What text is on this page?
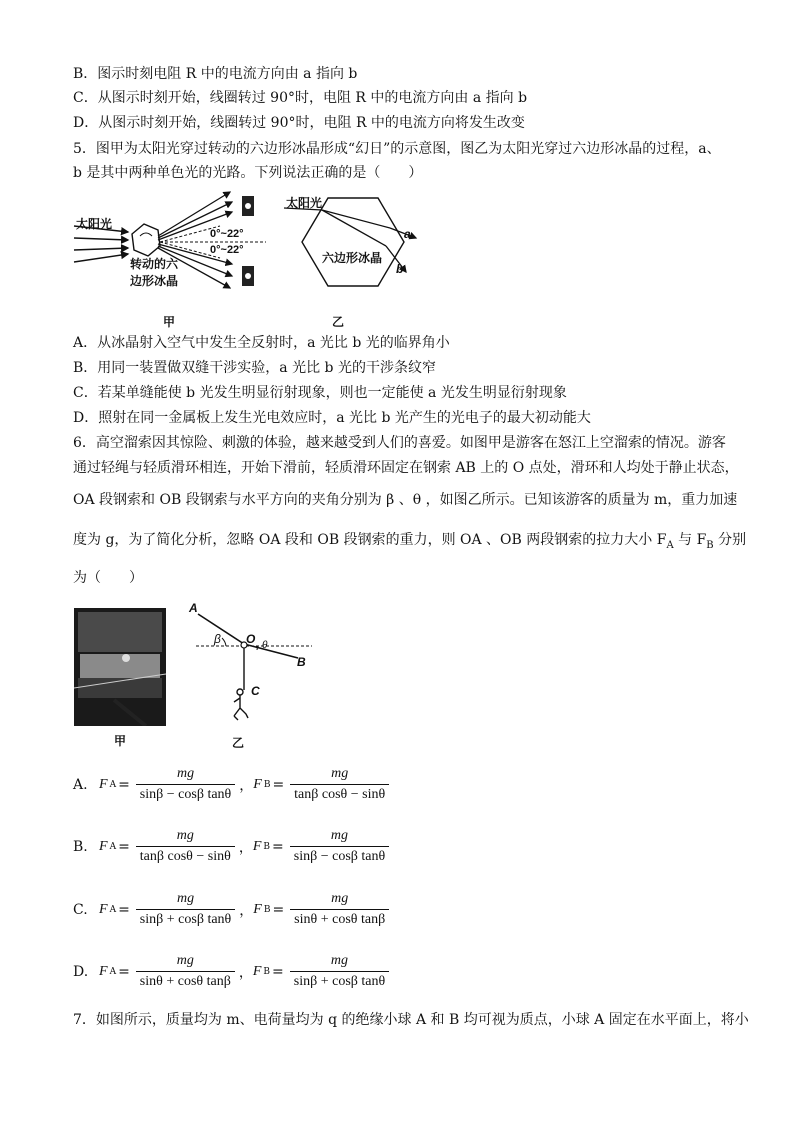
B．图示时刻电阻 R 中的电流方向由 a 指向 b
C．从图示时刻开始，线圈转过 90°时，电阻 R 中的电流方向由 a 指向 b
D．从图示时刻开始，线圈转过 90°时，电阻 R 中的电流方向将发生改变
5．图甲为太阳光穿过转动的六边形冰晶形成“幻日”的示意图，图乙为太阳光穿过六边形冰晶的过程，a、
b 是其中两种单色光的光路。下列说法正确的是（　　）
太阳光
转动的六
边形冰晶
0°~22°
0°~22°
甲
太阳光
六边形冰晶
a
b
乙
A．从冰晶射入空气中发生全反射时，a 光比 b 光的临界角小
B．用同一装置做双缝干涉实验，a 光比 b 光的干涉条纹窄
C．若某单缝能使 b 光发生明显衍射现象，则也一定能使 a 光发生明显衍射现象
D．照射在同一金属板上发生光电效应时，a 光比 b 光产生的光电子的最大初动能大
6．高空溜索因其惊险、刺激的体验，越来越受到人们的喜爱。如图甲是游客在怒江上空溜索的情况。游客
通过轻绳与轻质滑环相连，开始下滑前，轻质滑环固定在钢索 AB 上的 O 点处，滑环和人均处于静止状态，
OA 段钢索和 OB 段钢索与水平方向的夹角分别为 β 、θ ，如图乙所示。已知该游客的质量为 m，重力加速
度为 g，为了简化分析，忽略 OA 段和 OB 段钢索的重力，则 OA 、OB 两段钢索的拉力大小 $F_A$ 与 $F_B$ 分别
为（　　）
甲
A
B
O
C
β	θ
乙
A. F $A = \frac{mg}{\text{sinβ − cosβ tanθ}}$ ， F $B = \frac{mg}{\text{tanβ cosθ − sinθ}}$
B. F $A = \frac{mg}{\text{tanβ cosθ − sinθ}}$ ， F $B = \frac{mg}{\text{sinβ − cosβ tanθ}}$
C. F $A = \frac{mg}{\text{sinβ + cosβ tanθ}}$ ， F $B = \frac{mg}{\text{sinθ + cosθ tanβ}}$
D. F $A = \frac{mg}{\text{sinθ + cosθ tanβ}}$ ， F $B = \frac{mg}{\text{sinβ + cosβ tanθ}}$
7．如图所示，质量均为 m、电荷量均为 q 的绝缘小球 A 和 B 均可视为质点，小球 A 固定在水平面上，将小
